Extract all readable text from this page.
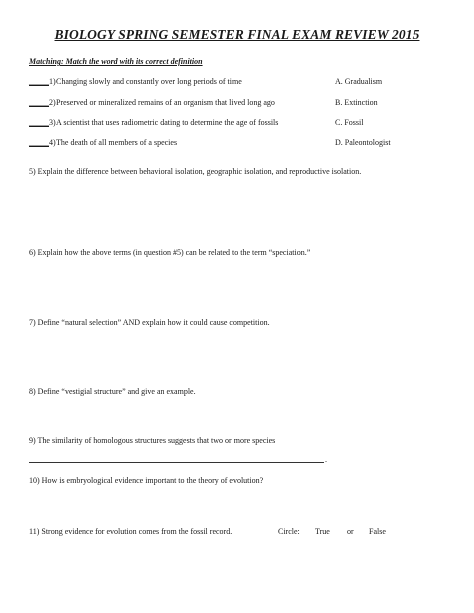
BIOLOGY SPRING SEMESTER FINAL EXAM REVIEW 2015
Matching: Match the word with its correct definition
_____1) Changing slowly and constantly over long periods of time	A. Gradualism
_____2) Preserved or mineralized remains of an organism that lived long ago	B. Extinction
_____3) A scientist that uses radiometric dating to determine the age of fossils	C. Fossil
_____4) The death of all members of a species	D. Paleontologist
5) Explain the difference between behavioral isolation, geographic isolation, and reproductive isolation.
6) Explain how the above terms (in question #5) can be related to the term “speciation.”
7) Define “natural selection” AND explain how it could cause competition.
8) Define “vestigial structure” and give an example.
9) The similarity of homologous structures suggests that two or more species
.
10) How is embryological evidence important to the theory of evolution?
11) Strong evidence for evolution comes from the fossil record.	Circle: True or False
